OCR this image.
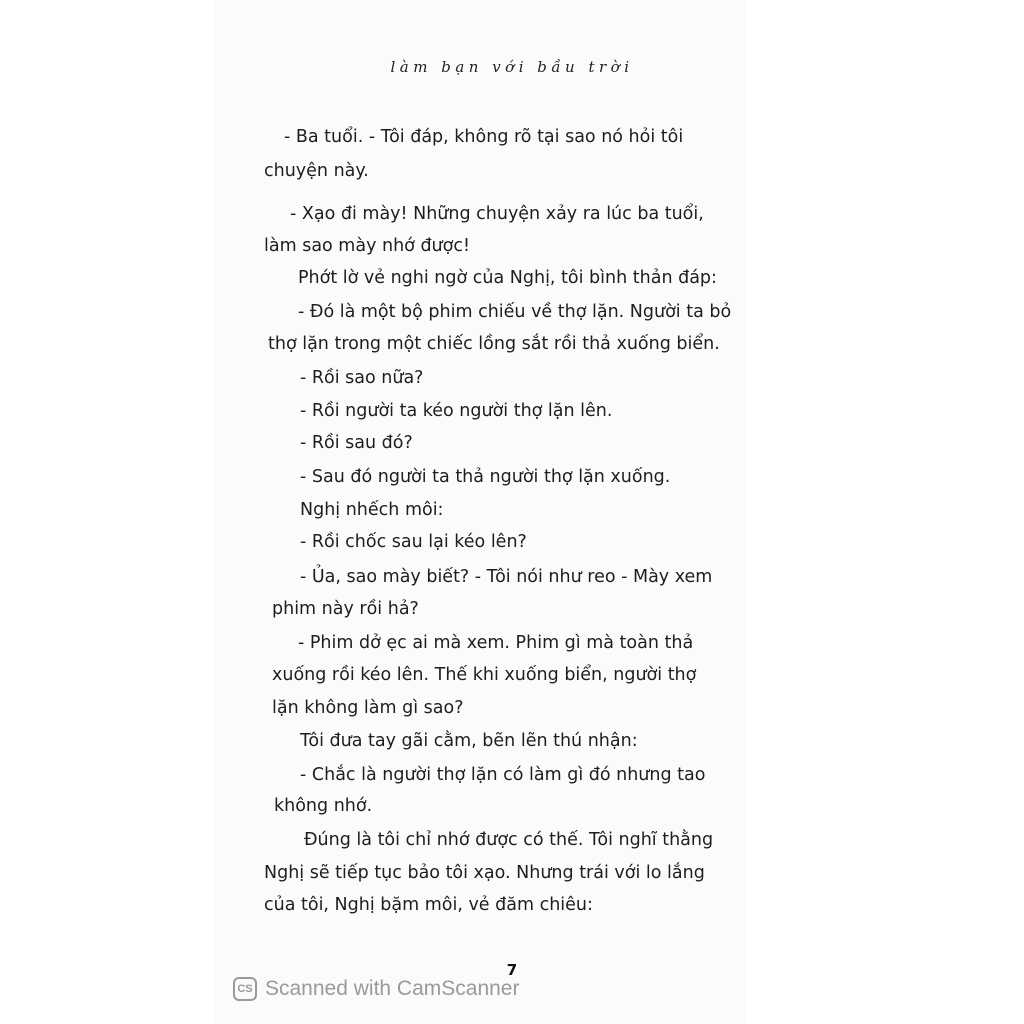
làm bạn với bầu trời
- Ba tuổi. - Tôi đáp, không rõ tại sao nó hỏi tôi
chuyện này.
- Xạo đi mày! Những chuyện xảy ra lúc ba tuổi,
làm sao mày nhớ được!
Phớt lờ vẻ nghi ngờ của Nghị, tôi bình thản đáp:
- Đó là một bộ phim chiếu về thợ lặn. Người ta bỏ
thợ lặn trong một chiếc lồng sắt rồi thả xuống biển.
- Rồi sao nữa?
- Rồi người ta kéo người thợ lặn lên.
- Rồi sau đó?
- Sau đó người ta thả người thợ lặn xuống.
Nghị nhếch môi:
- Rồi chốc sau lại kéo lên?
- Ủa, sao mày biết? - Tôi nói như reo - Mày xem
phim này rồi hả?
- Phim dở ẹc ai mà xem. Phim gì mà toàn thả
xuống rồi kéo lên. Thế khi xuống biển, người thợ
lặn không làm gì sao?
Tôi đưa tay gãi cằm, bẽn lẽn thú nhận:
- Chắc là người thợ lặn có làm gì đó nhưng tao
không nhớ.
Đúng là tôi chỉ nhớ được có thế. Tôi nghĩ thằng
Nghị sẽ tiếp tục bảo tôi xạo. Nhưng trái với lo lắng
của tôi, Nghị bặm môi, vẻ đăm chiêu:
7
CS Scanned with CamScanner
